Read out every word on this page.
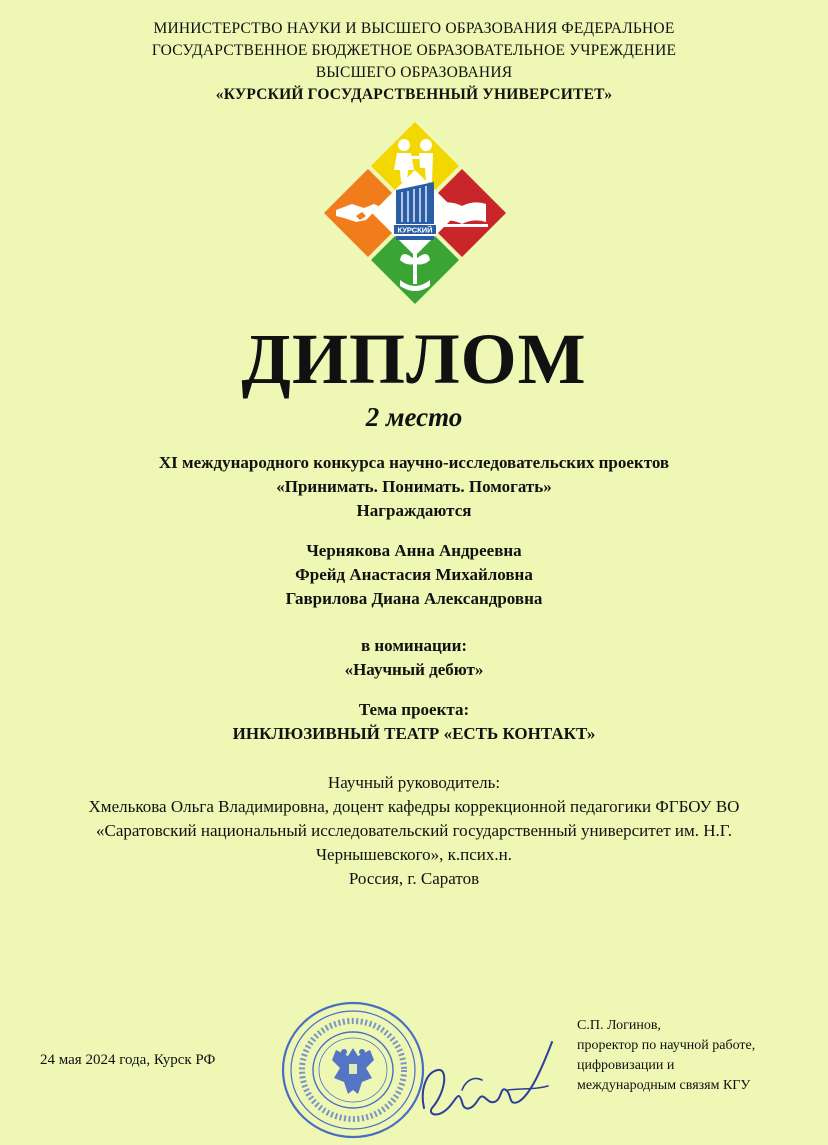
МИНИСТЕРСТВО НАУКИ И ВЫСШЕГО ОБРАЗОВАНИЯ ФЕДЕРАЛЬНОЕ
ГОСУДАРСТВЕННОЕ БЮДЖЕТНОЕ ОБРАЗОВАТЕЛЬНОЕ УЧРЕЖДЕНИЕ
ВЫСШЕГО ОБРАЗОВАНИЯ
«КУРСКИЙ ГОСУДАРСТВЕННЫЙ УНИВЕРСИТЕТ»
КУРСКИЙ
ДИПЛОМ
2 место
XI международного конкурса научно-исследовательских проектов
«Принимать. Понимать. Помогать»
Награждаются
Чернякова Анна Андреевна
Фрейд Анастасия Михайловна
Гаврилова Диана Александровна
в номинации:
«Научный дебют»
Тема проекта:
ИНКЛЮЗИВНЫЙ ТЕАТР «ЕСТЬ КОНТАКТ»
Научный руководитель:
Хмелькова Ольга Владимировна, доцент кафедры коррекционной педагогики ФГБОУ ВО
«Саратовский национальный исследовательский государственный университет им. Н.Г.
Чернышевского», к.псих.н.
Россия, г. Саратов
24 мая 2024 года, Курск РФ
С.П. Логинов,
проректор по научной работе,
цифровизации и
международным связям КГУ
